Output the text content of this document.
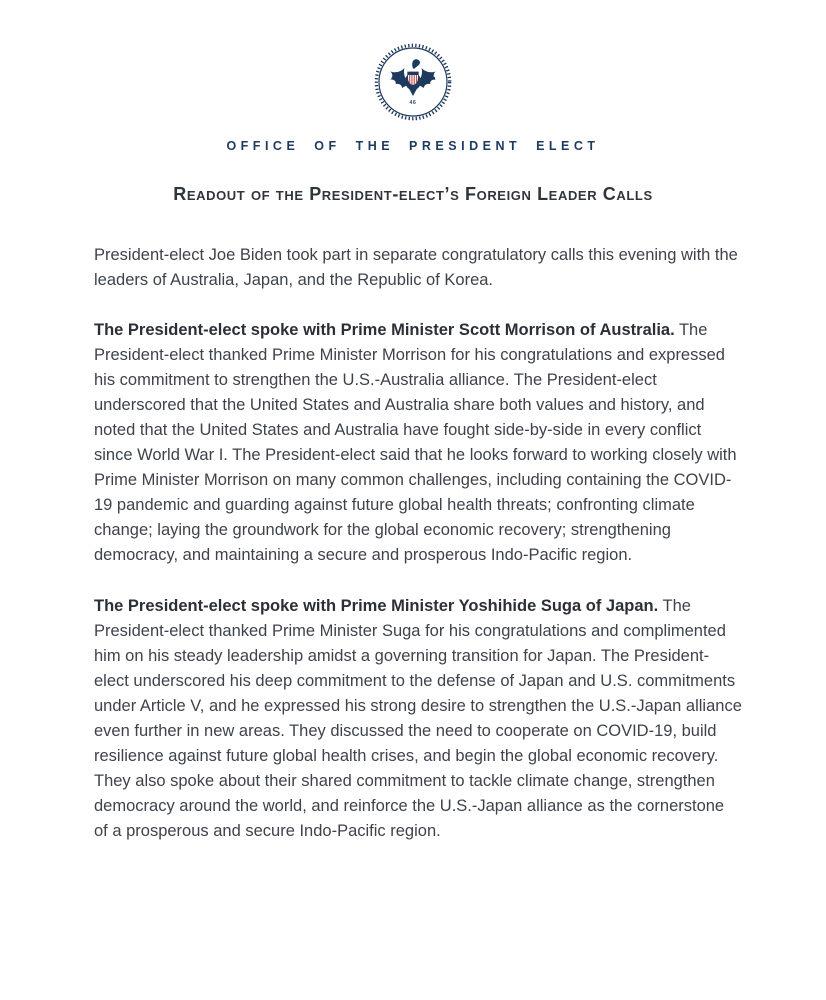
46
OFFICE OF THE PRESIDENT ELECT
Readout of the President-elect’s Foreign Leader Calls

President-elect Joe Biden took part in separate congratulatory calls this evening with the leaders of Australia, Japan, and the Republic of Korea.

The President-elect spoke with Prime Minister Scott Morrison of Australia. The President-elect thanked Prime Minister Morrison for his congratulations and expressed his commitment to strengthen the U.S.-Australia alliance. The President-elect underscored that the United States and Australia share both values and history, and noted that the United States and Australia have fought side-by-side in every conflict since World War I. The President-elect said that he looks forward to working closely with Prime Minister Morrison on many common challenges, including containing the COVID-19 pandemic and guarding against future global health threats; confronting climate change; laying the groundwork for the global economic recovery; strengthening democracy, and maintaining a secure and prosperous Indo-Pacific region.

The President-elect spoke with Prime Minister Yoshihide Suga of Japan. The President-elect thanked Prime Minister Suga for his congratulations and complimented him on his steady leadership amidst a governing transition for Japan. The President-elect underscored his deep commitment to the defense of Japan and U.S. commitments under Article V, and he expressed his strong desire to strengthen the U.S.-Japan alliance even further in new areas. They discussed the need to cooperate on COVID-19, build resilience against future global health crises, and begin the global economic recovery. They also spoke about their shared commitment to tackle climate change, strengthen democracy around the world, and reinforce the U.S.-Japan alliance as the cornerstone of a prosperous and secure Indo-Pacific region.
